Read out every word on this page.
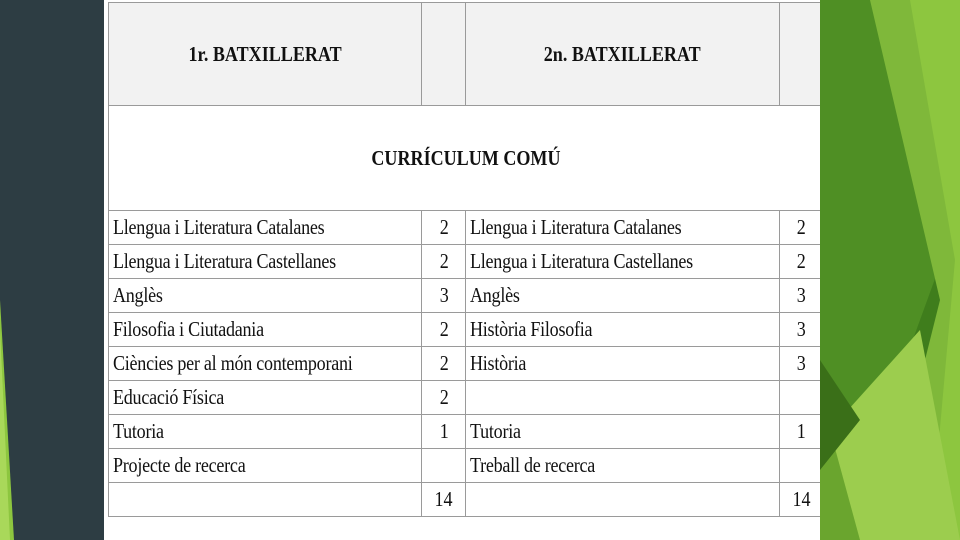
1r. BATXILLERAT		2n. BATXILLERAT	
CURRÍCULUM COMÚ			
Llengua i Literatura Catalanes	2	Llengua i Literatura Catalanes	2
Llengua i Literatura Castellanes	2	Llengua i Literatura Castellanes	2
Anglès	3	Anglès	3
Filosofia i Ciutadania	2	Història Filosofia	3
Ciències per al món contemporani	2	Història	3
Educació Física	2		
Tutoria	1	Tutoria	1
Projecte de recerca		Treball de recerca	
	14		14
